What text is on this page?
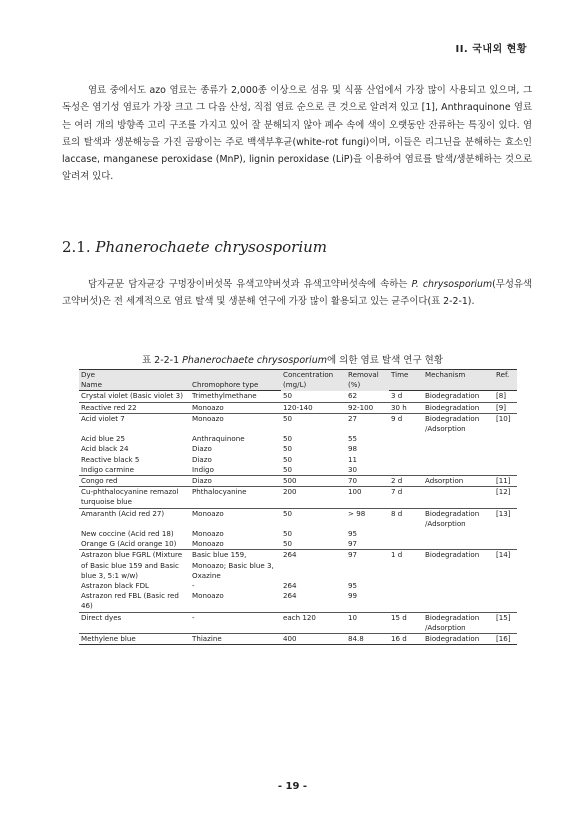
II. 국내외 현황
염료 중에서도 azo 염료는 종류가 2,000종 이상으로 섬유 및 식품 산업에서 가장 많이 사용되고 있으며, 그 독성은 염기성 염료가 가장 크고 그 다음 산성, 직접 염료 순으로 큰 것으로 알려져 있고 [1], Anthraquinone 염료는 여러 개의 방향족 고리 구조를 가지고 있어 잘 분해되지 않아 폐수 속에 색이 오랫동안 잔류하는 특징이 있다. 염료의 탈색과 생분해능을 가진 곰팡이는 주로 백색부후균(white-rot fungi)이며, 이들은 리그닌을 분해하는 효소인 laccase, manganese peroxidase (MnP), lignin peroxidase (LiP)을 이용하여 염료를 탈색/생분해하는 것으로 알려져 있다.
2.1. Phanerochaete chrysosporium
담자균문 담자균강 구멍장이버섯목 유색고약버섯과 유색고약버섯속에 속하는 P. chrysosporium(무성유색고약버섯)은 전 세계적으로 염료 탈색 및 생분해 연구에 가장 많이 활용되고 있는 균주이다(표 2-2-1).
표 2-2-1 Phanerochaete chrysosporium에 의한 염료 탈색 연구 현황
Dye		Concentration (mg/L)	Removal (%)	Time	Mechanism	Ref.
Name	Chromophore type					
Crystal violet (Basic violet 3)	Trimethylmethane	50	62	3 d	Biodegradation	[8]
Reactive red 22	Monoazo	120-140	92-100	30 h	Biodegradation	[9]
Acid violet 7	Monoazo	50	27	9 d	Biodegradation /Adsorption	[10]
Acid blue 25	Anthraquinone	50	55			
Acid black 24	Diazo	50	98			
Reactive black 5	Diazo	50	11			
Indigo carmine	Indigo	50	30			
Congo red	Diazo	500	70	2 d	Adsorption	[11]
Cu-phthalocyanine remazol turquoise blue	Phthalocyanine	200	100	7 d		[12]
Amaranth (Acid red 27)	Monoazo	50	> 98	8 d	Biodegradation /Adsorption	[13]
New coccine (Acid red 18)	Monoazo	50	95			
Orange G (Acid orange 10)	Monoazo	50	97			
Astrazon blue FGRL (Mixture of Basic blue 159 and Basic blue 3, 5:1 w/w)	Basic blue 159, Monoazo; Basic blue 3, Oxazine	264	97	1 d	Biodegradation	[14]
Astrazon black FDL	-	264	95			
Astrazon red FBL (Basic red 46)	Monoazo	264	99			
Direct dyes	-	each 120	10	15 d	Biodegradation /Adsorption	[15]
Methylene blue	Thiazine	400	84.8	16 d	Biodegradation	[16]
- 19 -
